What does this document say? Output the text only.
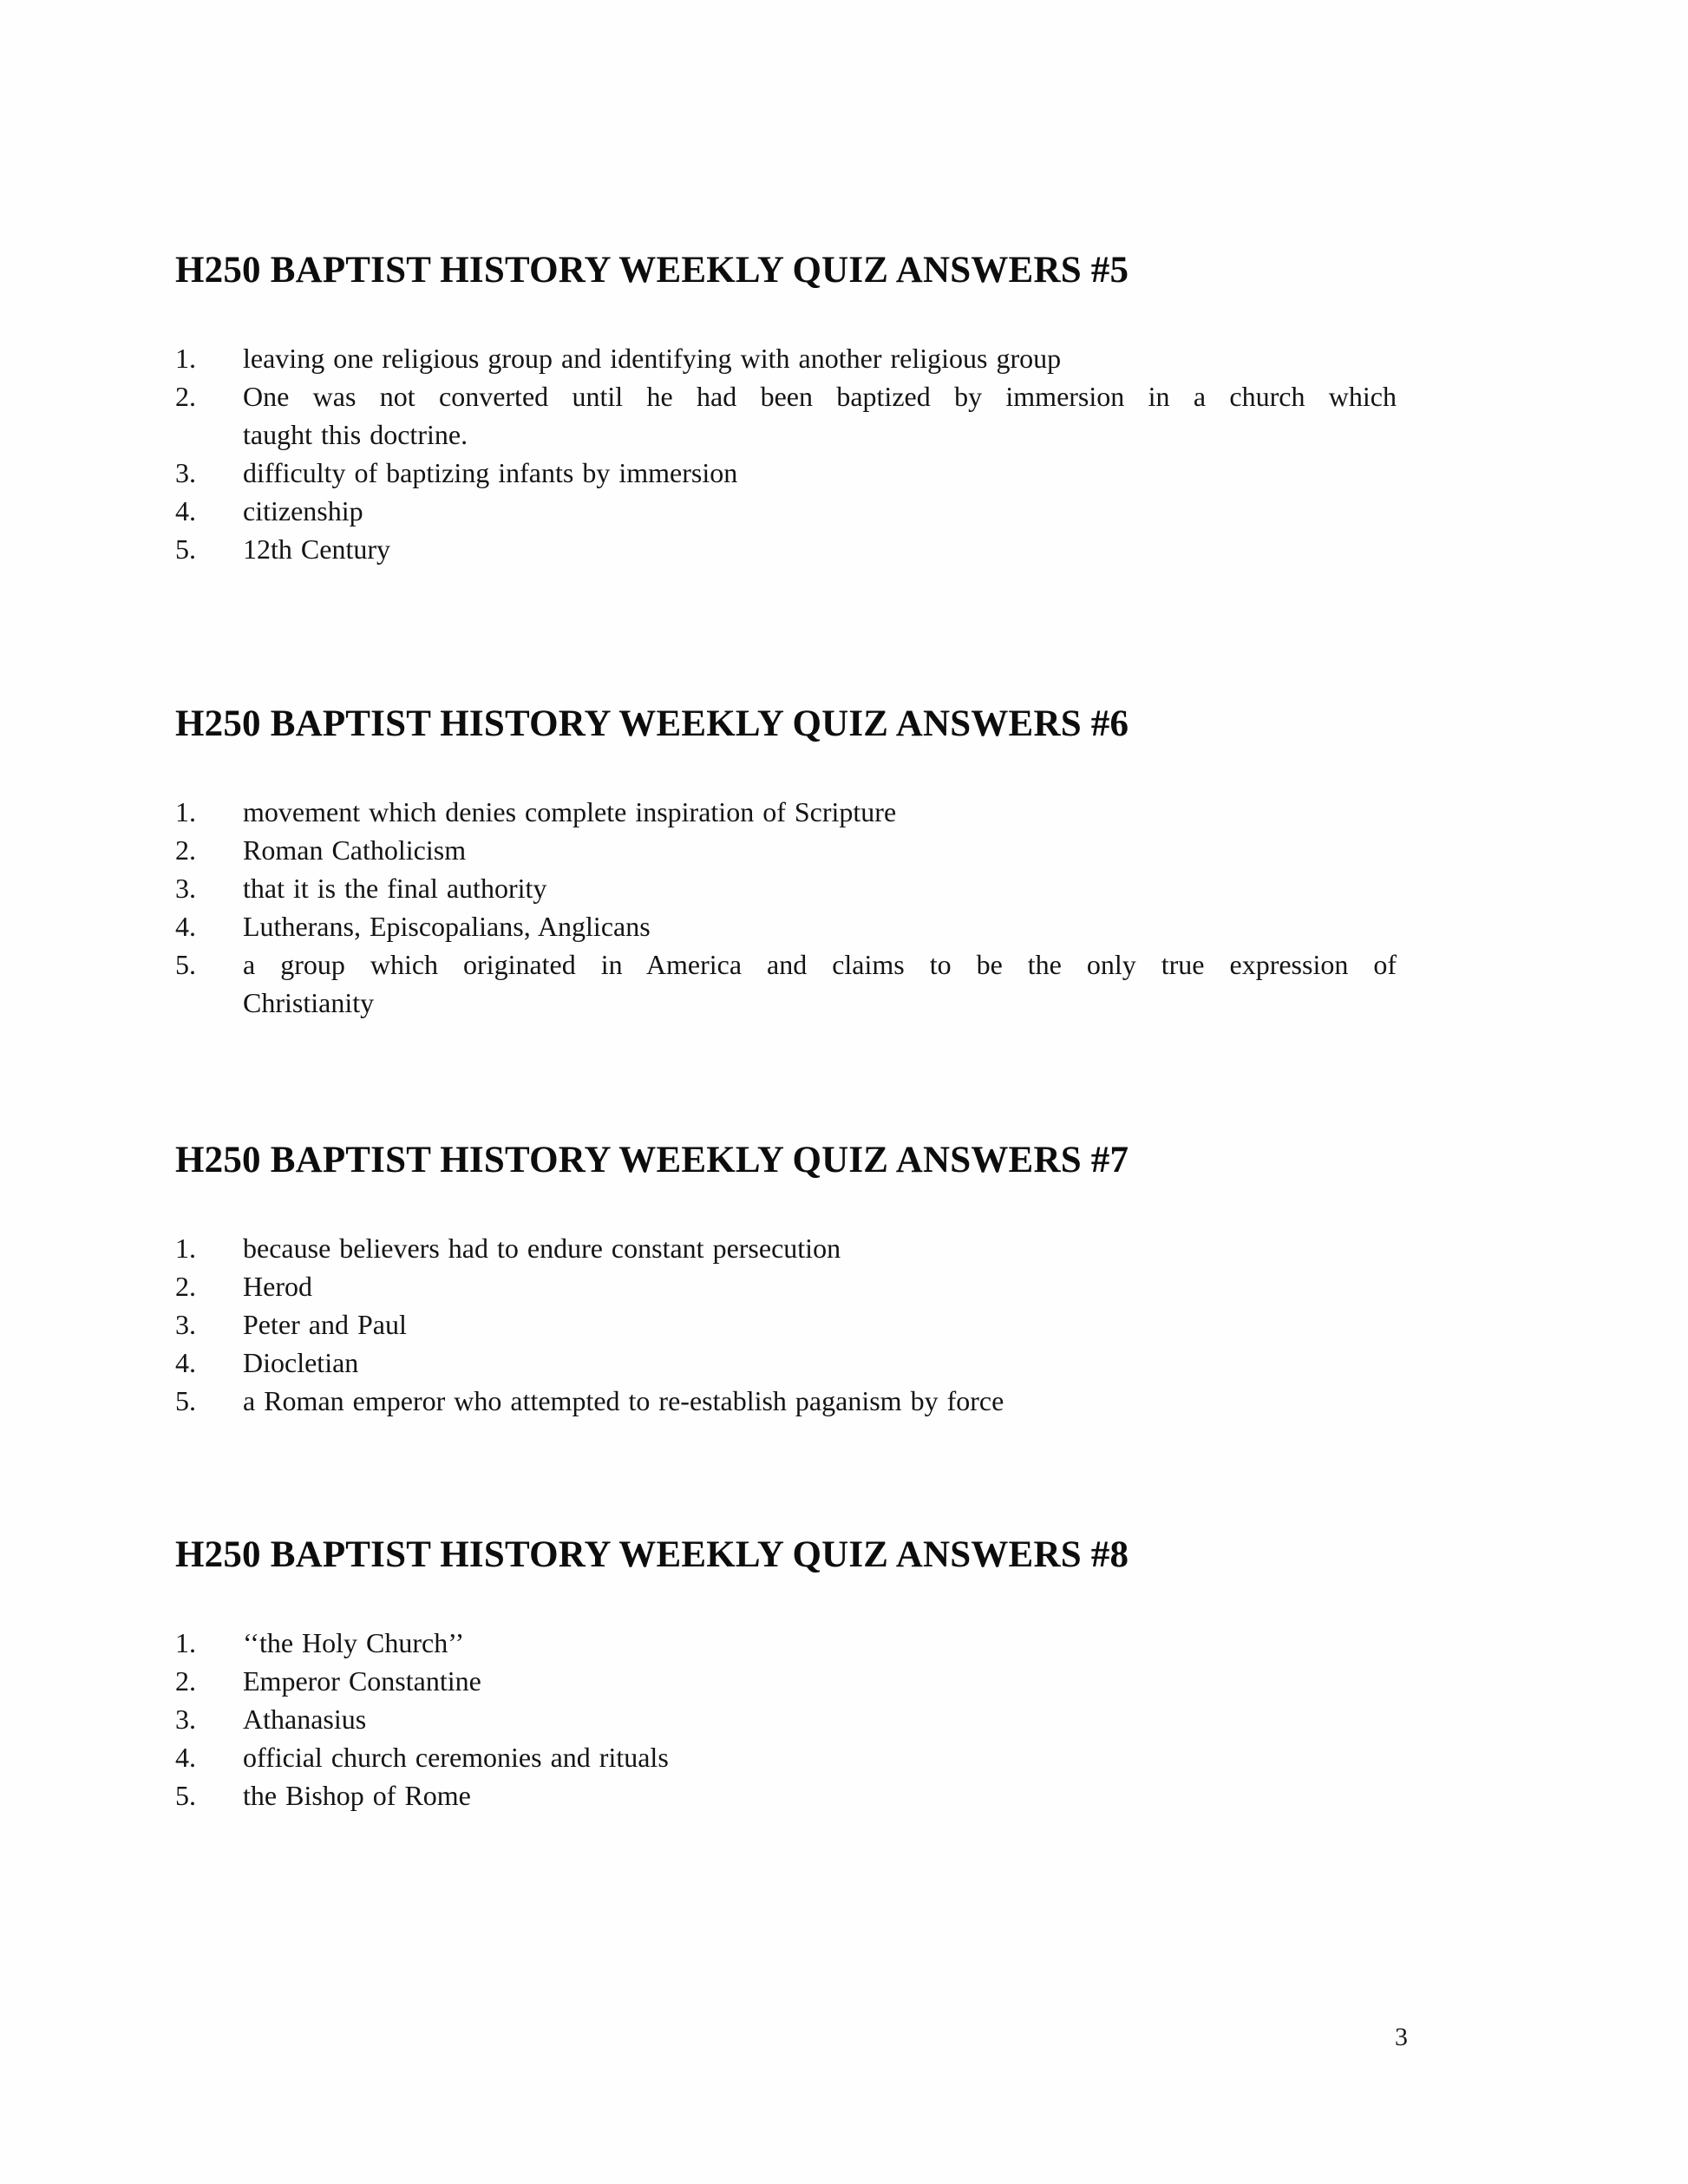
H250 BAPTIST HISTORY WEEKLY QUIZ ANSWERS #5
1.	leaving one religious group and identifying with another religious group
2.	One was not converted until he had been baptized by immersion in a church which
taught this doctrine.
3.	difficulty of baptizing infants by immersion
4.	citizenship
5.	12th Century
H250 BAPTIST HISTORY WEEKLY QUIZ ANSWERS #6
1.	movement which denies complete inspiration of Scripture
2.	Roman Catholicism
3.	that it is the final authority
4.	Lutherans, Episcopalians, Anglicans
5.	a group which originated in America and claims to be the only true expression of
Christianity
H250 BAPTIST HISTORY WEEKLY QUIZ ANSWERS #7
1.	because believers had to endure constant persecution
2.	Herod
3.	Peter and Paul
4.	Diocletian
5.	a Roman emperor who attempted to re-establish paganism by force
H250 BAPTIST HISTORY WEEKLY QUIZ ANSWERS #8
1.	‘‘the Holy Church’’
2.	Emperor Constantine
3.	Athanasius
4.	official church ceremonies and rituals
5.	the Bishop of Rome
3
